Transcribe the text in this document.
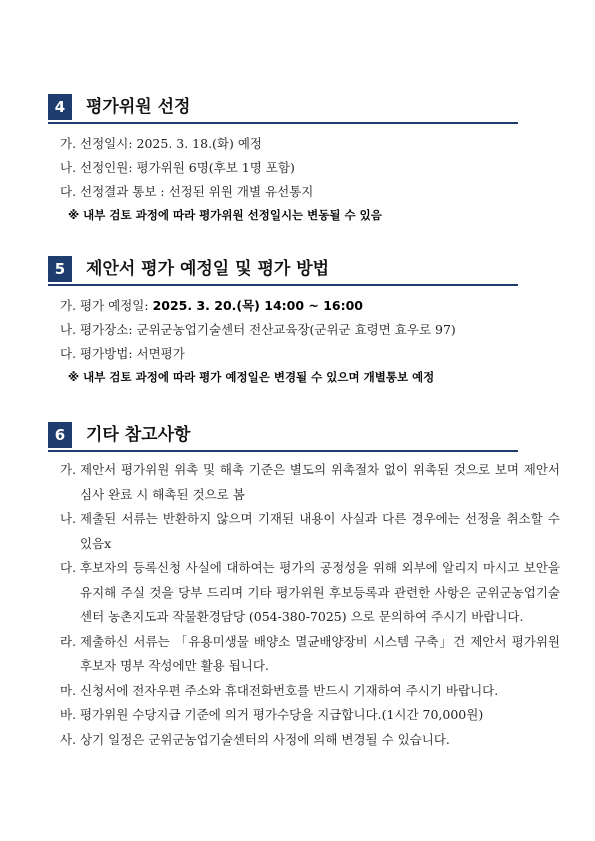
4	평가위원 선정
가. 선정일시: 2025. 3. 18.(화) 예정
나. 선정인원: 평가위원 6명(후보 1명 포함)
다. 선정결과 통보 : 선정된 위원 개별 유선통지
※ 내부 검토 과정에 따라 평가위원 선정일시는 변동될 수 있음
5	제안서 평가 예정일 및 평가 방법
가. 평가 예정일: 2025. 3. 20.(목) 14:00 ~ 16:00
나. 평가장소: 군위군농업기술센터 전산교육장(군위군 효령면 효우로 97)
다. 평가방법: 서면평가
※ 내부 검토 과정에 따라 평가 예정일은 변경될 수 있으며 개별통보 예정
6	기타 참고사항
가. 제안서 평가위원 위촉 및 해촉 기준은 별도의 위촉절차 없이 위촉된 것으로 보며 제안서 심사 완료 시 해촉된 것으로 봄
나. 제출된 서류는 반환하지 않으며 기재된 내용이 사실과 다른 경우에는 선정을 취소할 수 있음x
다. 후보자의 등록신청 사실에 대하여는 평가의 공정성을 위해 외부에 알리지 마시고 보안을 유지해 주실 것을 당부 드리며 기타 평가위원 후보등록과 관련한 사항은 군위군농업기술센터 농촌지도과 작물환경담당 (054-380-7025) 으로 문의하여 주시기 바랍니다.
라. 제출하신 서류는 「유용미생물 배양소 멸균배양장비 시스템 구축」건 제안서 평가위원 후보자 명부 작성에만 활용 됩니다.
마. 신청서에 전자우편 주소와 휴대전화번호를 반드시 기재하여 주시기 바랍니다.
바. 평가위원 수당지급 기준에 의거 평가수당을 지급합니다.(1시간 70,000원)
사. 상기 일정은 군위군농업기술센터의 사정에 의해 변경될 수 있습니다.
